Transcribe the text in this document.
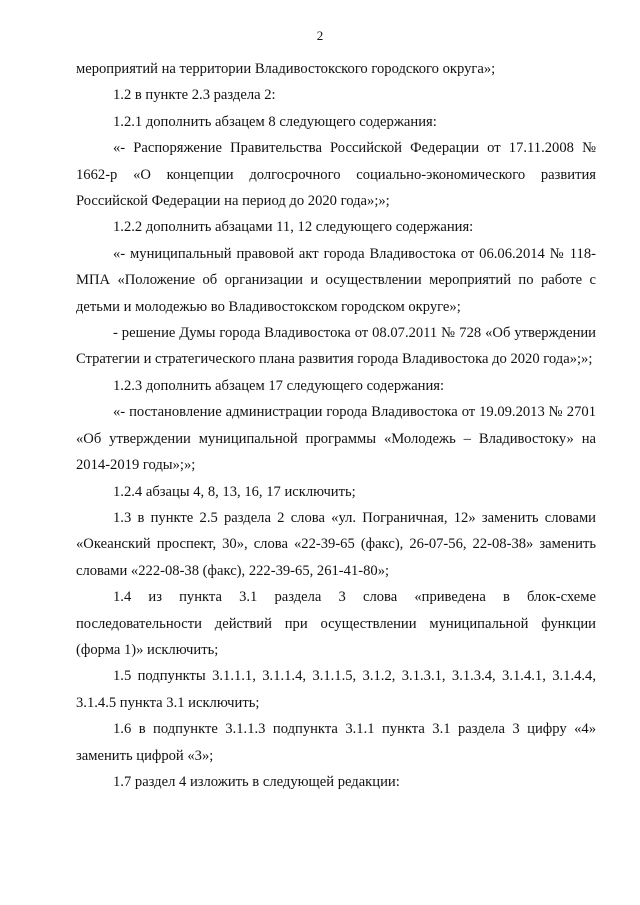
2

мероприятий на территории Владивостокского городского округа»;

1.2 в пункте 2.3 раздела 2:

1.2.1 дополнить абзацем 8 следующего содержания:

«- Распоряжение Правительства Российской Федерации от 17.11.2008 № 1662-р «О концепции долгосрочного социально-экономического развития Российской Федерации на период до 2020 года»;»;

1.2.2 дополнить абзацами 11, 12 следующего содержания:

«- муниципальный правовой акт города Владивостока от 06.06.2014 № 118-МПА «Положение об организации и осуществлении мероприятий по работе с детьми и молодежью во Владивостокском городском округе»;

- решение Думы города Владивостока от 08.07.2011 № 728 «Об утверждении Стратегии и стратегического плана развития города Владивостока до 2020 года»;»;

1.2.3 дополнить абзацем 17 следующего содержания:

«- постановление администрации города Владивостока от 19.09.2013 № 2701 «Об утверждении муниципальной программы «Молодежь – Владивостоку» на 2014-2019 годы»;»;

1.2.4 абзацы 4, 8, 13, 16, 17 исключить;

1.3 в пункте 2.5 раздела 2 слова «ул. Пограничная, 12» заменить словами «Океанский проспект, 30», слова «22-39-65 (факс), 26-07-56, 22-08-38» заменить словами «222-08-38 (факс), 222-39-65, 261-41-80»;

1.4 из пункта 3.1 раздела 3 слова «приведена в блок-схеме последовательности действий при осуществлении муниципальной функции (форма 1)» исключить;

1.5 подпункты 3.1.1.1, 3.1.1.4, 3.1.1.5, 3.1.2, 3.1.3.1, 3.1.3.4, 3.1.4.1, 3.1.4.4, 3.1.4.5 пункта 3.1 исключить;

1.6 в подпункте 3.1.1.3 подпункта 3.1.1 пункта 3.1 раздела 3 цифру «4» заменить цифрой «3»;

1.7 раздел 4 изложить в следующей редакции:
